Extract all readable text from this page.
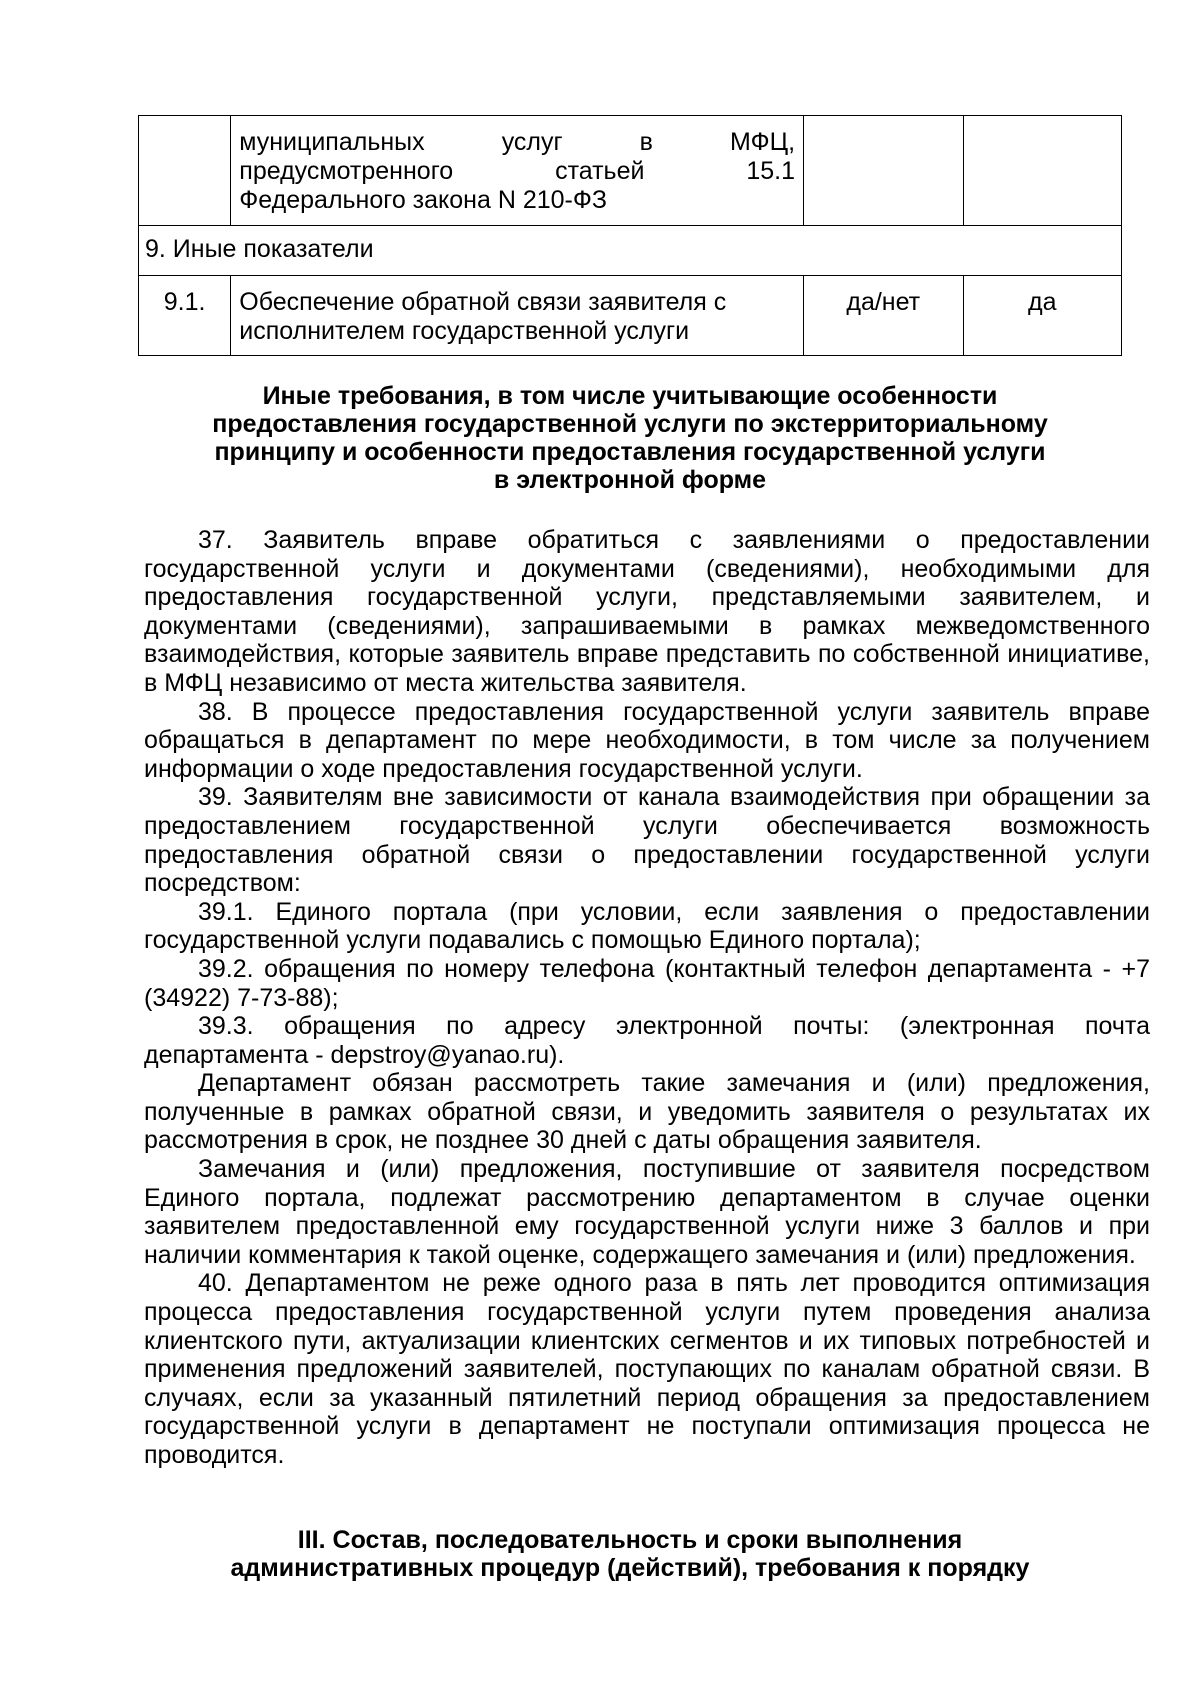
	муниципальных услуг в МФЦ,
предусмотренного статьей 15.1
Федерального закона N 210-ФЗ		

9. Иные показатели			
9.1.	Обеспечение обратной связи заявителя с
исполнителем государственной услуги	да/нет	да
Иные требования, в том числе учитывающие особенности
предоставления государственной услуги по экстерриториальному
принципу и особенности предоставления государственной услуги
в электронной форме

37. Заявитель вправе обратиться с заявлениями о предоставлении государственной услуги и документами (сведениями), необходимыми для предоставления государственной услуги, представляемыми заявителем, и документами (сведениями), запрашиваемыми в рамках межведомственного взаимодействия, которые заявитель вправе представить по собственной инициативе, в МФЦ независимо от места жительства заявителя.

38. В процессе предоставления государственной услуги заявитель вправе обращаться в департамент по мере необходимости, в том числе за получением информации о ходе предоставления государственной услуги.

39. Заявителям вне зависимости от канала взаимодействия при обращении за предоставлением государственной услуги обеспечивается возможность предоставления обратной связи о предоставлении государственной услуги посредством:

39.1. Единого портала (при условии, если заявления о предоставлении государственной услуги подавались с помощью Единого портала);

39.2. обращения по номеру телефона (контактный телефон департамента - +7 (34922) 7-73-88);

39.3. обращения по адресу электронной почты: (электронная почта департамента - depstroy@yanao.ru).

Департамент обязан рассмотреть такие замечания и (или) предложения, полученные в рамках обратной связи, и уведомить заявителя о результатах их рассмотрения в срок, не позднее 30 дней с даты обращения заявителя.

Замечания и (или) предложения, поступившие от заявителя посредством Единого портала, подлежат рассмотрению департаментом в случае оценки заявителем предоставленной ему государственной услуги ниже 3 баллов и при наличии комментария к такой оценке, содержащего замечания и (или) предложения.

40. Департаментом не реже одного раза в пять лет проводится оптимизация процесса предоставления государственной услуги путем проведения анализа клиентского пути, актуализации клиентских сегментов и их типовых потребностей и применения предложений заявителей, поступающих по каналам обратной связи. В случаях, если за указанный пятилетний период обращения за предоставлением государственной услуги в департамент не поступали оптимизация процесса не проводится.

III. Состав, последовательность и сроки выполнения
административных процедур (действий), требования к порядку
